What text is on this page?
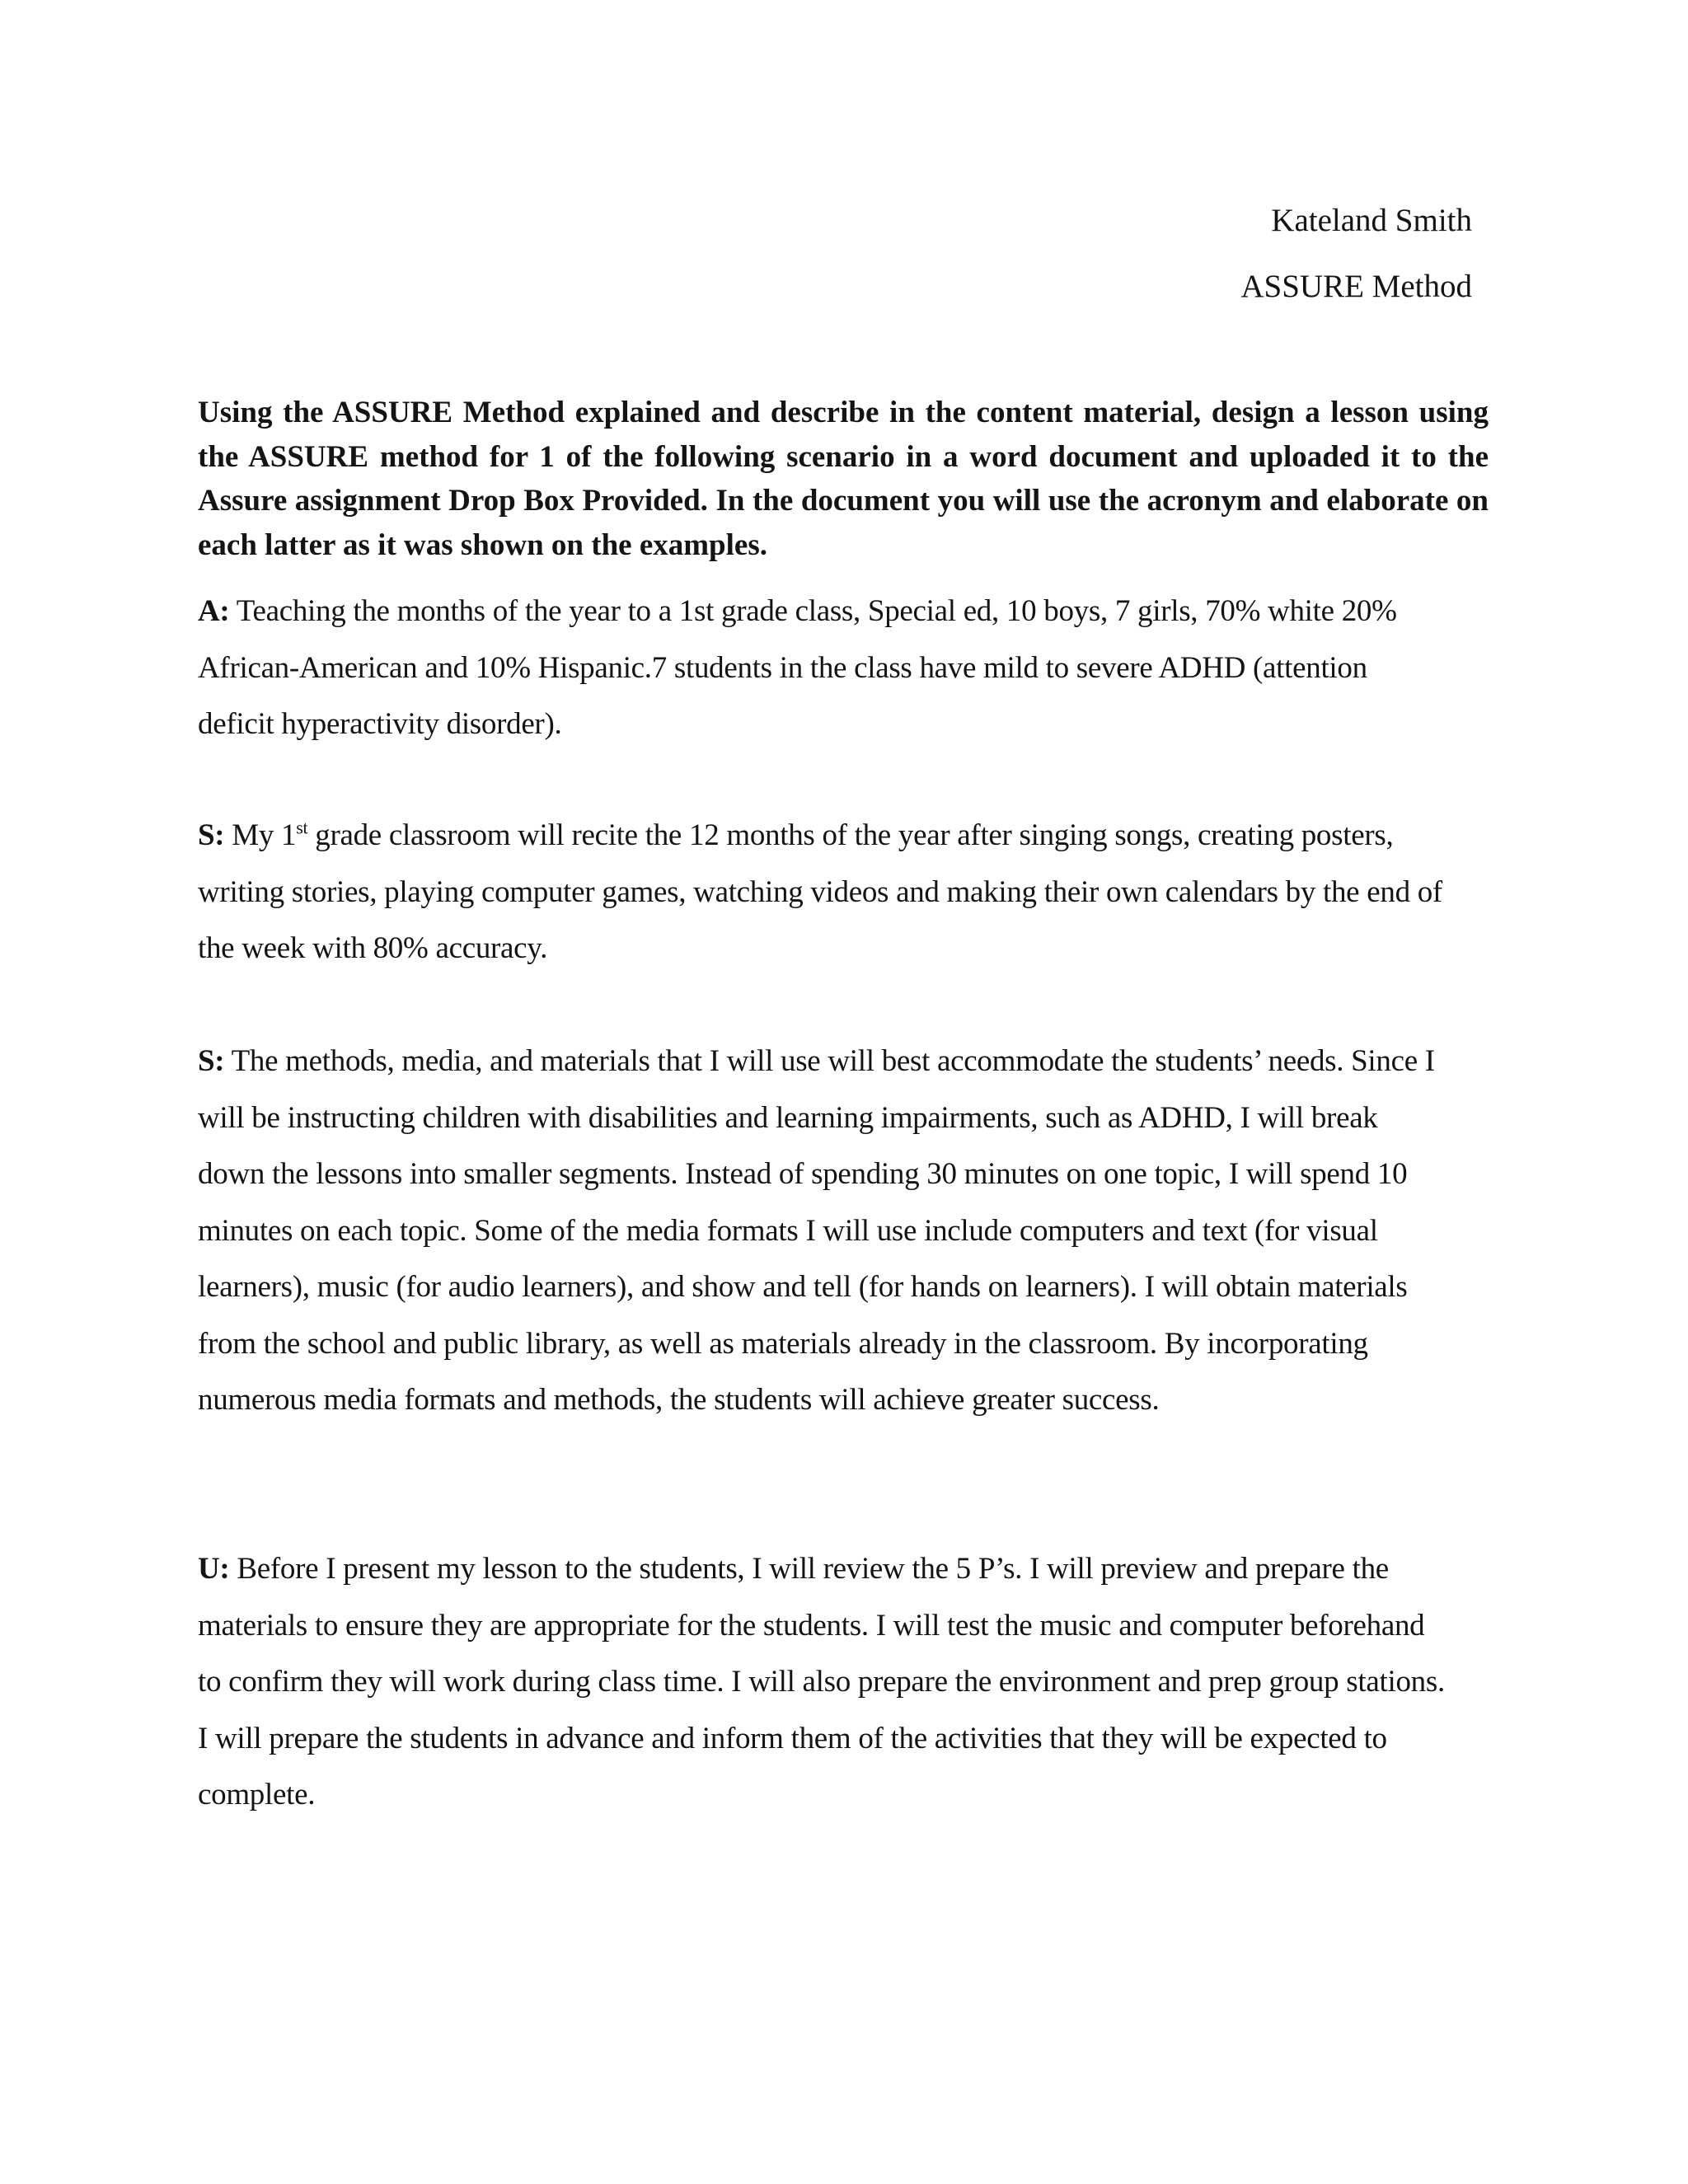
Kateland Smith
ASSURE Method
Using the ASSURE Method explained and describe in the content material, design a lesson using the ASSURE method for 1 of the following scenario in a word document and uploaded it to the Assure assignment Drop Box Provided. In the document you will use the acronym and elaborate on each latter as it was shown on the examples.
A: Teaching the months of the year to a 1st grade class, Special ed, 10 boys, 7 girls, 70% white 20% African-American and 10% Hispanic.7 students in the class have mild to severe ADHD (attention deficit hyperactivity disorder).
S: My 1st grade classroom will recite the 12 months of the year after singing songs, creating posters, writing stories, playing computer games, watching videos and making their own calendars by the end of the week with 80% accuracy.
S: The methods, media, and materials that I will use will best accommodate the students’ needs. Since I will be instructing children with disabilities and learning impairments, such as ADHD, I will break down the lessons into smaller segments. Instead of spending 30 minutes on one topic, I will spend 10 minutes on each topic. Some of the media formats I will use include computers and text (for visual learners), music (for audio learners), and show and tell (for hands on learners). I will obtain materials from the school and public library, as well as materials already in the classroom. By incorporating numerous media formats and methods, the students will achieve greater success.
U: Before I present my lesson to the students, I will review the 5 P’s. I will preview and prepare the materials to ensure they are appropriate for the students. I will test the music and computer beforehand to confirm they will work during class time. I will also prepare the environment and prep group stations. I will prepare the students in advance and inform them of the activities that they will be expected to complete.
